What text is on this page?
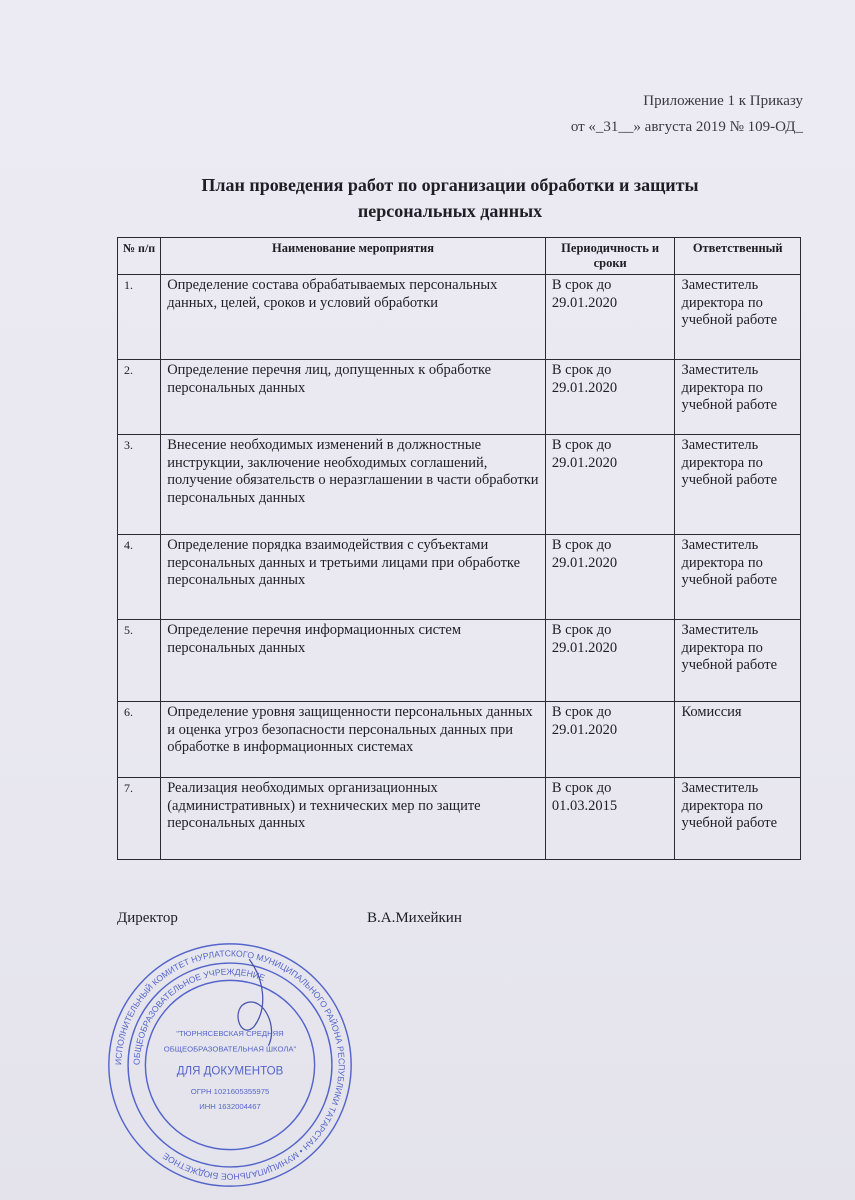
Приложение 1 к Приказу
от «_31__» августа 2019 № 109-ОД_
План проведения работ по организации обработки и защиты
персональных данных
№ п/п	Наименование мероприятия	Периодичность и сроки	Ответственный
1.	Определение состава обрабатываемых персональных данных, целей, сроков и условий обработки	В срок до 29.01.2020	Заместитель директора по учебной работе
2.	Определение перечня лиц, допущенных к обработке персональных данных	В срок до 29.01.2020	Заместитель директора по учебной работе
3.	Внесение необходимых изменений в должностные инструкции, заключение необходимых соглашений, получение обязательств о неразглашении в части обработки персональных данных	В срок до 29.01.2020	Заместитель директора по учебной работе
4.	Определение порядка взаимодействия с субъектами персональных данных и третьими лицами при обработке персональных данных	В срок до 29.01.2020	Заместитель директора по учебной работе
5.	Определение перечня информационных систем персональных данных	В срок до 29.01.2020	Заместитель директора по учебной работе
6.	Определение уровня защищенности персональных данных и оценка угроз безопасности персональных данных при обработке в информационных системах	В срок до 29.01.2020	Комиссия
7.	Реализация необходимых организационных (административных) и технических мер по защите персональных данных	В срок до 01.03.2015	Заместитель директора по учебной работе
ИСПОЛНИТЕЛЬНЫЙ КОМИТЕТ НУРЛАТСКОГО МУНИЦИПАЛЬНОГО РАЙОНА РЕСПУБЛИКИ ТАТАРСТАН • МУНИЦИПАЛЬНОЕ БЮДЖЕТНОЕ
ОБЩЕОБРАЗОВАТЕЛЬНОЕ УЧРЕЖДЕНИЕ
"ТЮРНЯСЕВСКАЯ СРЕДНЯЯ
ОБЩЕОБРАЗОВАТЕЛЬНАЯ ШКОЛА"
ДЛЯ ДОКУМЕНТОВ
ОГРН 1021605355975
ИНН 1632004467
Директор	В.А.Михейкин
